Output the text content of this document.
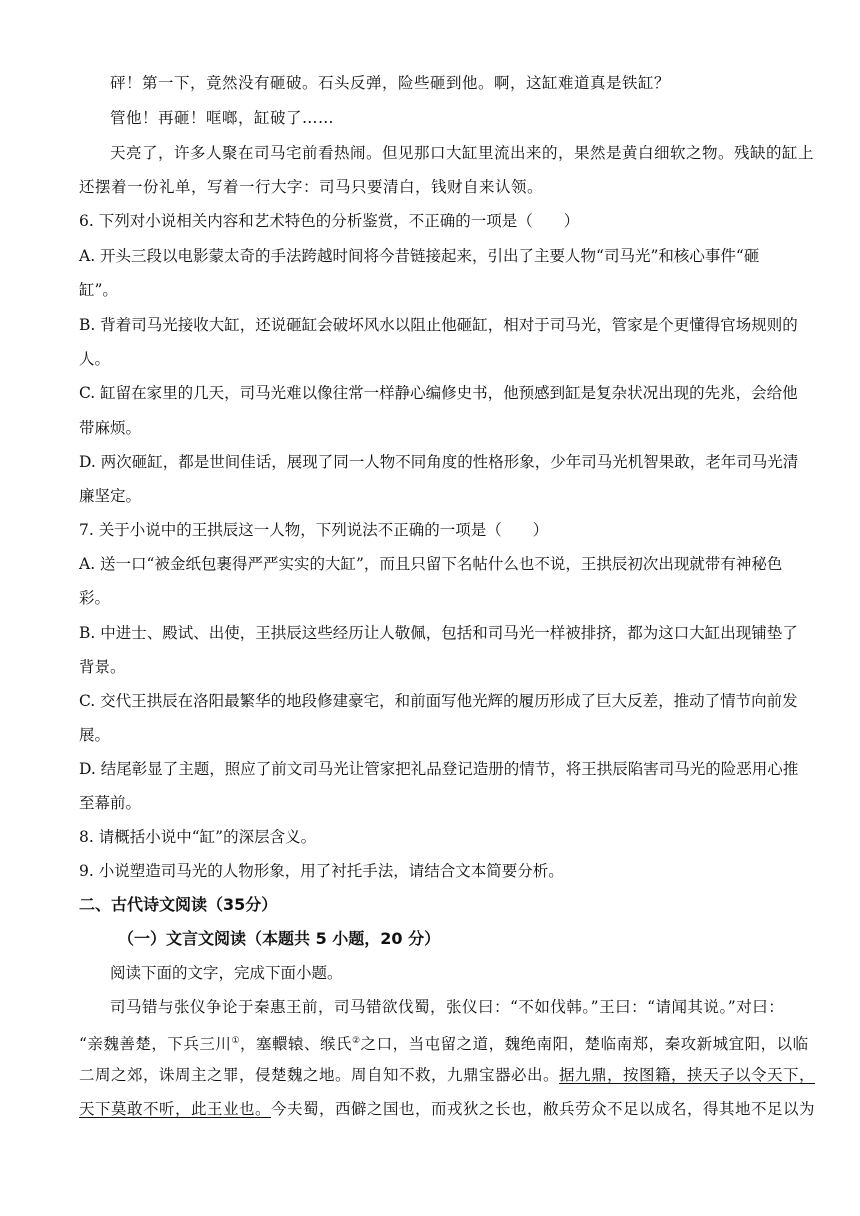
砰！第一下，竟然没有砸破。石头反弹，险些砸到他。啊，这缸难道真是铁缸？
管他！再砸！哐啷，缸破了……
天亮了，许多人聚在司马宅前看热闹。但见那口大缸里流出来的，果然是黄白细软之物。残缺的缸上
还摆着一份礼单，写着一行大字：司马只要清白，钱财自来认领。
6. 下列对小说相关内容和艺术特色的分析鉴赏，不正确的一项是（　　）
A. 开头三段以电影蒙太奇的手法跨越时间将今昔链接起来，引出了主要人物“司马光”和核心事件“砸
缸”。
B. 背着司马光接收大缸，还说砸缸会破坏风水以阻止他砸缸，相对于司马光，管家是个更懂得官场规则的
人。
C. 缸留在家里的几天，司马光难以像往常一样静心编修史书，他预感到缸是复杂状况出现的先兆，会给他
带麻烦。
D. 两次砸缸，都是世间佳话，展现了同一人物不同角度的性格形象，少年司马光机智果敢，老年司马光清
廉坚定。
7. 关于小说中的王拱辰这一人物，下列说法不正确的一项是（　　）
A. 送一口“被金纸包裹得严严实实的大缸”，而且只留下名帖什么也不说，王拱辰初次出现就带有神秘色
彩。
B. 中进士、殿试、出使，王拱辰这些经历让人敬佩，包括和司马光一样被排挤，都为这口大缸出现铺垫了
背景。
C. 交代王拱辰在洛阳最繁华的地段修建豪宅，和前面写他光辉的履历形成了巨大反差，推动了情节向前发
展。
D. 结尾彰显了主题，照应了前文司马光让管家把礼品登记造册的情节，将王拱辰陷害司马光的险恶用心推
至幕前。
8. 请概括小说中“缸”的深层含义。
9. 小说塑造司马光的人物形象，用了衬托手法，请结合文本简要分析。
二、古代诗文阅读（35分）
（一）文言文阅读（本题共 5 小题，20 分）
阅读下面的文字，完成下面小题。
司马错与张仪争论于秦惠王前，司马错欲伐蜀，张仪曰：“不如伐韩。”王曰：“请闻其说。”对曰：
“亲魏善楚，下兵三川①，塞轘辕、缑氏②之口，当屯留之道，魏绝南阳，楚临南郑，秦攻新城宜阳，以临
二周之郊，诛周主之罪，侵楚魏之地。周自知不救，九鼎宝器必出。据九鼎，按图籍，挟天子以令天下，
天下莫敢不听，此王业也。今夫蜀，西僻之国也，而戎狄之长也，敝兵劳众不足以成名，得其地不足以为
